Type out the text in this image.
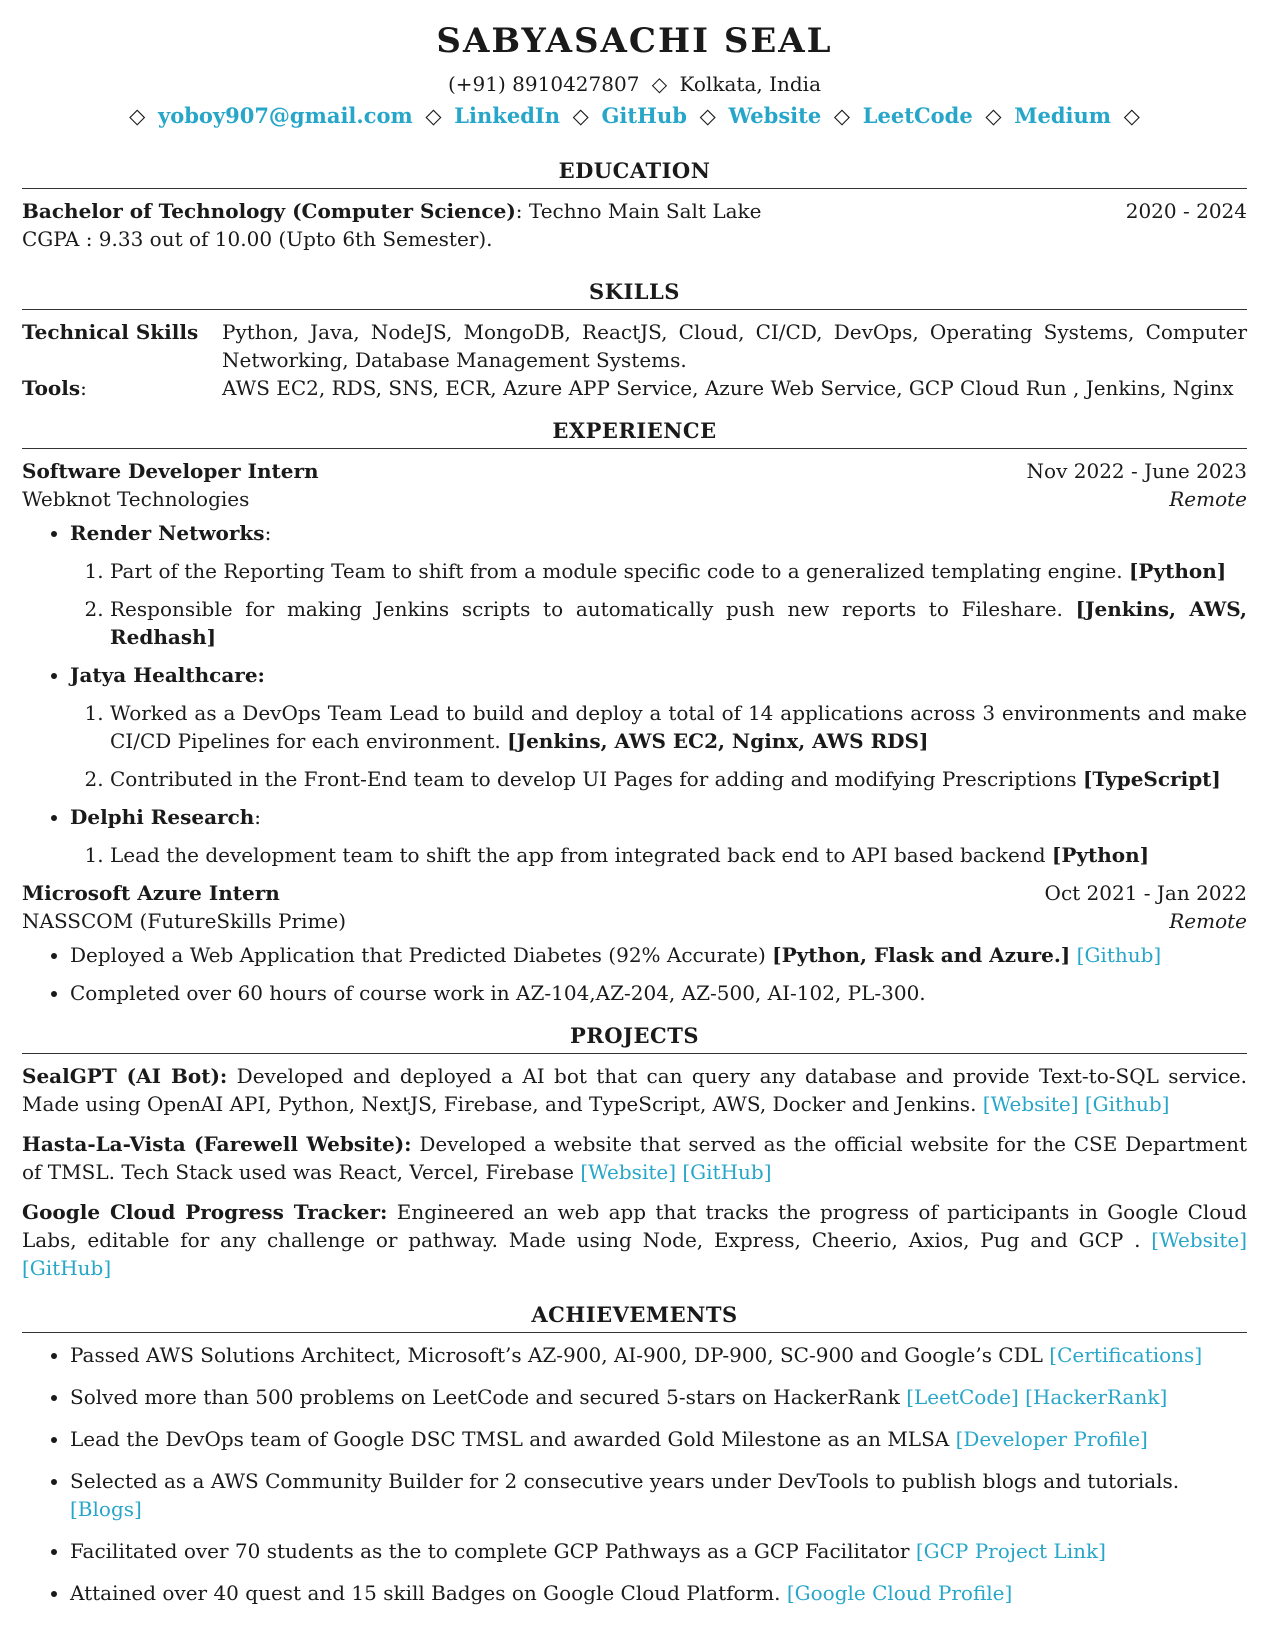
SABYASACHI SEAL
(+91) 8910427807 ◇ Kolkata, India
◇ yoboy907@gmail.com ◇ LinkedIn ◇ GitHub ◇ Website ◇ LeetCode ◇ Medium ◇
EDUCATION
Bachelor of Technology (Computer Science): Techno Main Salt Lake	2020 - 2024
CGPA : 9.33 out of 10.00 (Upto 6th Semester).
SKILLS
Technical Skills	Python, Java, NodeJS, MongoDB, ReactJS, Cloud, CI/CD, DevOps, Operating Systems, Computer Networking, Database Management Systems.
Tools:	AWS EC2, RDS, SNS, ECR, Azure APP Service, Azure Web Service, GCP Cloud Run , Jenkins, Nginx
EXPERIENCE
Software Developer Intern	Nov 2022 - June 2023
Webknot Technologies	Remote
• Render Networks:
1. Part of the Reporting Team to shift from a module specific code to a generalized templating engine. [Python]
2. Responsible for making Jenkins scripts to automatically push new reports to Fileshare. [Jenkins, AWS, Redhash]
• Jatya Healthcare:
1. Worked as a DevOps Team Lead to build and deploy a total of 14 applications across 3 environments and make CI/CD Pipelines for each environment. [Jenkins, AWS EC2, Nginx, AWS RDS]
2. Contributed in the Front-End team to develop UI Pages for adding and modifying Prescriptions [TypeScript]
• Delphi Research:
1. Lead the development team to shift the app from integrated back end to API based backend [Python]
Microsoft Azure Intern	Oct 2021 - Jan 2022
NASSCOM (FutureSkills Prime)	Remote
• Deployed a Web Application that Predicted Diabetes (92% Accurate) [Python, Flask and Azure.] [Github]
• Completed over 60 hours of course work in AZ-104,AZ-204, AZ-500, AI-102, PL-300.
PROJECTS
SealGPT (AI Bot): Developed and deployed a AI bot that can query any database and provide Text-to-SQL service. Made using OpenAI API, Python, NextJS, Firebase, and TypeScript, AWS, Docker and Jenkins. [Website] [Github]
Hasta-La-Vista (Farewell Website): Developed a website that served as the official website for the CSE Department of TMSL. Tech Stack used was React, Vercel, Firebase [Website] [GitHub]
Google Cloud Progress Tracker: Engineered an web app that tracks the progress of participants in Google Cloud Labs, editable for any challenge or pathway. Made using Node, Express, Cheerio, Axios, Pug and GCP . [Website] [GitHub]
ACHIEVEMENTS
• Passed AWS Solutions Architect, Microsoft’s AZ-900, AI-900, DP-900, SC-900 and Google’s CDL [Certifications]
• Solved more than 500 problems on LeetCode and secured 5-stars on HackerRank [LeetCode] [HackerRank]
• Lead the DevOps team of Google DSC TMSL and awarded Gold Milestone as an MLSA [Developer Profile]
• Selected as a AWS Community Builder for 2 consecutive years under DevTools to publish blogs and tutorials. [Blogs]
• Facilitated over 70 students as the to complete GCP Pathways as a GCP Facilitator [GCP Project Link]
• Attained over 40 quest and 15 skill Badges on Google Cloud Platform. [Google Cloud Profile]
